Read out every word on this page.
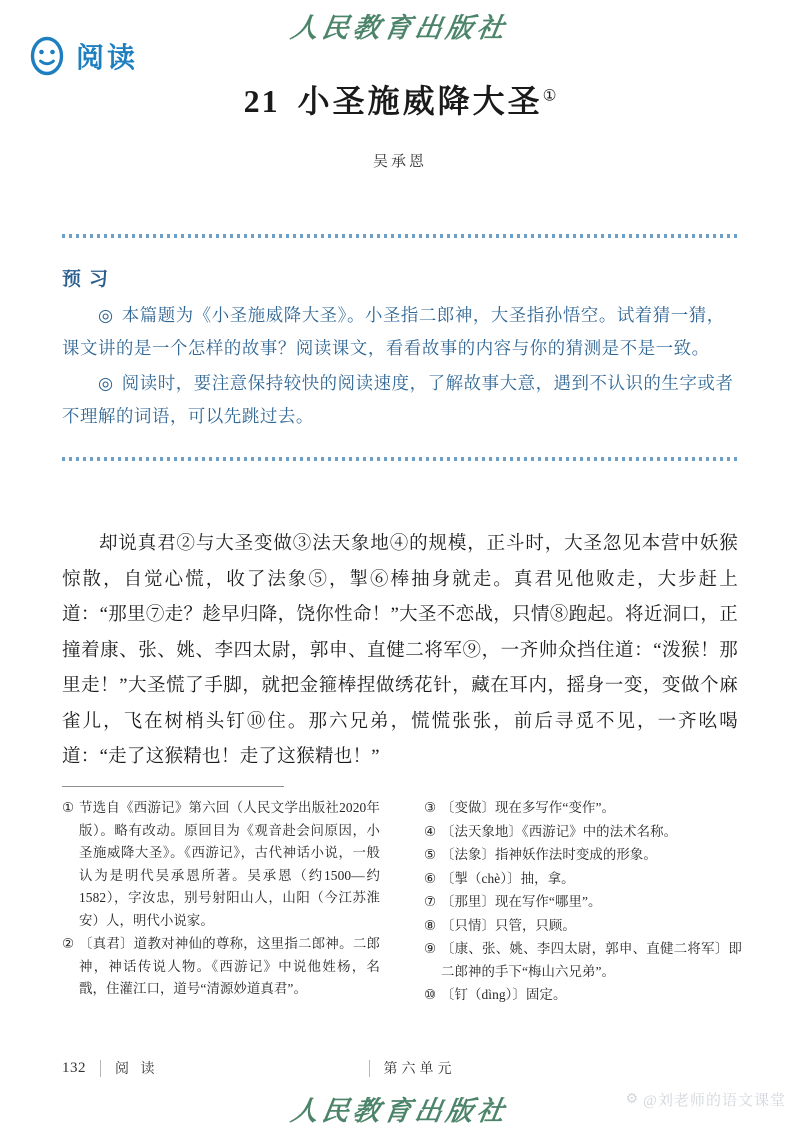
人民教育出版社
阅读
21 小圣施威降大圣①
吴承恩
预习
◎ 本篇题为《小圣施威降大圣》。小圣指二郎神，大圣指孙悟空。试着猜一猜，课文讲的是一个怎样的故事？阅读课文，看看故事的内容与你的猜测是不是一致。
◎ 阅读时，要注意保持较快的阅读速度，了解故事大意，遇到不认识的生字或者不理解的词语，可以先跳过去。
却说真君②与大圣变做③法天象地④的规模，正斗时，大圣忽见本营中妖猴惊散，自觉心慌，收了法象⑤，掣⑥棒抽身就走。真君见他败走，大步赶上道：“那里⑦走？趁早归降，饶你性命！”大圣不恋战，只情⑧跑起。将近洞口，正撞着康、张、姚、李四太尉，郭申、直健二将军⑨，一齐帅众挡住道：“泼猴！那里走！”大圣慌了手脚，就把金箍棒捏做绣花针，藏在耳内，摇身一变，变做个麻雀儿，飞在树梢头钉⑩住。那六兄弟，慌慌张张，前后寻觅不见，一齐吆喝道：“走了这猴精也！走了这猴精也！”
① 节选自《西游记》第六回（人民文学出版社2020年版）。略有改动。原回目为《观音赴会问原因，小圣施威降大圣》。《西游记》，古代神话小说，一般认为是明代吴承恩所著。吴承恩（约1500—约1582），字汝忠，别号射阳山人，山阳（今江苏淮安）人，明代小说家。
② 〔真君〕道教对神仙的尊称，这里指二郎神。二郎神，神话传说人物。《西游记》中说他姓杨，名戬，住灌江口，道号“清源妙道真君”。
③ 〔变做〕现在多写作“变作”。
④ 〔法天象地〕《西游记》中的法术名称。
⑤ 〔法象〕指神妖作法时变成的形象。
⑥ 〔掣（chè）〕抽，拿。
⑦ 〔那里〕现在写作“哪里”。
⑧ 〔只情〕只管，只顾。
⑨ 〔康、张、姚、李四太尉，郭申、直健二将军〕即二郎神的手下“梅山六兄弟”。
⑩ 〔钉（dìng）〕固定。
132 阅 读	第六单元
人民教育出版社	⚙ @刘老师的语文课堂
